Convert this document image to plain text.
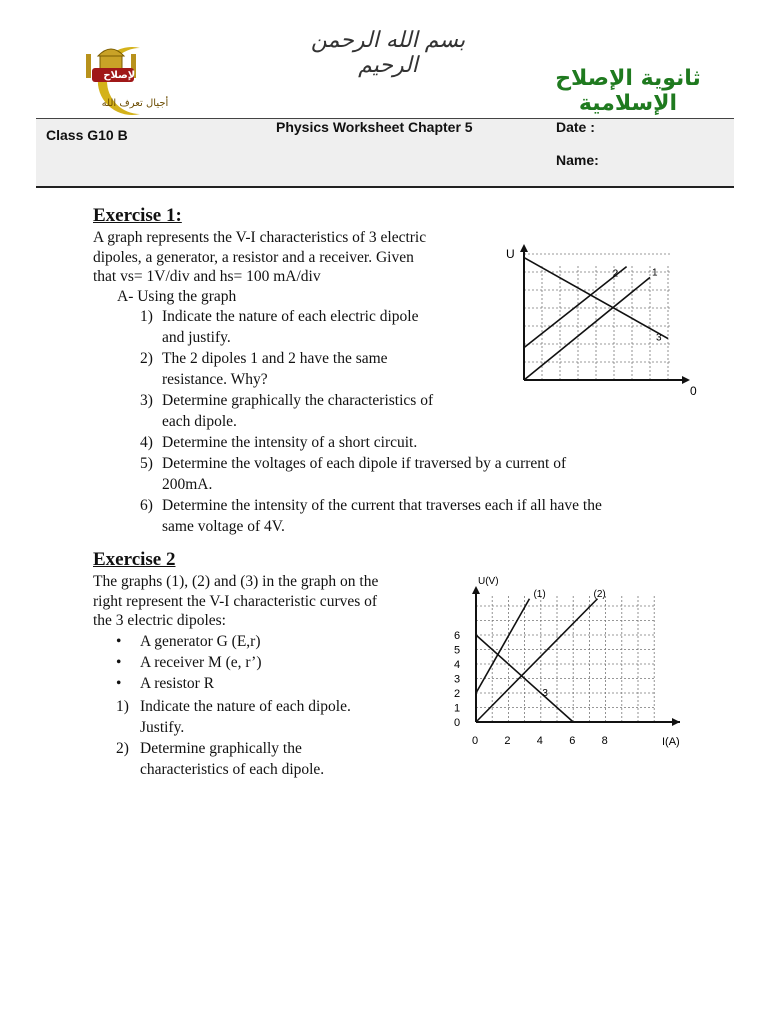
بسم الله الرحمن الرحيم
الإصلاح
أجيال تعرف الله
ثانوية الإصلاح الإسلامية
Class G10 B	Physics Worksheet Chapter 5	Date :
Name:
Exercise 1:
A graph represents the V-I characteristics of 3 electric
dipoles, a generator, a resistor and a receiver. Given
that vs= 1V/div and hs= 100 mA/div
A- Using the graph
1) Indicate the nature of each electric dipole
and justify.
2) The 2 dipoles 1 and 2 have the same
resistance. Why?
3) Determine graphically the characteristics of
each dipole.
4) Determine the intensity of a short circuit.
5) Determine the voltages of each dipole if traversed by a current of
200mA.
6) Determine the intensity of the current that traverses each if all have the
same voltage of 4V.
U
0
1
2
3
Exercise 2
The graphs (1), (2) and (3) in the graph on the
right represent the V-I characteristic curves of
the 3 electric dipoles:
• A generator G (E,r)
• A receiver M (e, r’)
• A resistor R
1) Indicate the nature of each dipole.
Justify.
2) Determine graphically the
characteristics of each dipole.
U(V)
I(A)
0 2 4 6 8
0
1
2
3
4
5
6
(1)	(2)
3
